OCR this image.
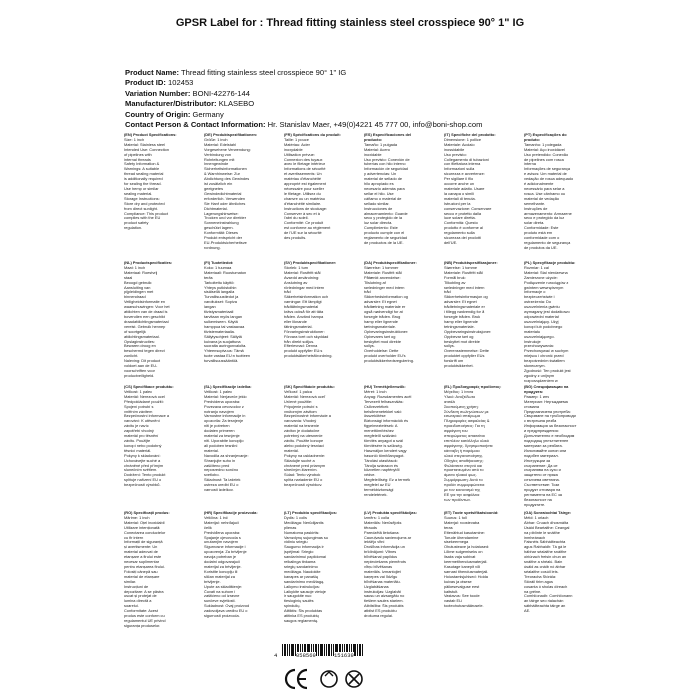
GPSR Label for : Thread fitting stainless steel crosspiece 90° 1" IG
Product Name: Thread fitting stainless steel crosspiece 90° 1" IG
Product ID: 102453
Variation Number: BONI-42276-144
Manufacturer/Distributor: KLASEBO
Country of Origin: Germany
Contact Person & Contact Information: Hr. Stanislav Maer, +49(0)4221 45 777 00, info@boni-shop.com
(EN) Product Specifications:
Size: 1 inch
Material: Stainless steel
Intended Use: Connection
of pipelines with
internal threads
Safety Information &
Warnings: A suitable
thread sealing material
is additionally required
for sealing the thread.
Use hemp or similar
sealing material.
Storage Instructions:
Store dry and protected
from direct sunlight.
Compliance: This product
complies with the EU
product safety
regulation.
(DE) Produktspezifikationen:
Größe: 1 inch
Material: Edelstahl
Vorgesehene Verwendung:
Verbindung von
Rohrleitungen mit
Innengewinde
Sicherheitsinformationen
& Warnhinweise: Zur
Abdichtung des Gewindes
ist zusätzlich ein
geeignetes
Gewindedichtmaterial
erforderlich. Verwenden
Sie Hanf oder ähnliches
Dichtmaterial.
Lagerungshinweise:
Trocken und vor direkter
Sonneneinstrahlung
geschützt lagern.
Konformität: Dieses
Produkt entspricht der
EU-Produktsicherheitsve
rordnung.
(FR) Spécifications du produit:
Taille: 1 pouce
Matériau: Acier
inoxydable
Utilisation prévue:
Connexion des tuyaux
avec le filetage intérieur
Informations de sécurité
et avertissements: Un
matériau d'étanchéité
approprié est également
nécessaire pour sceller
le filetage. Utilisez du
chanvre ou un matériau
d'étanchéité similaire.
Instructions de stockage:
Conserver à sec et à
l'abri du soleil.
Conformité: Ce produit
est conforme au règlement
de l'UE sur la sécurité
des produits.
(ES) Especificaciones del producto:
Tamaño: 1 pulgada
Material: Acero
inoxidable
Uso previsto: Conexión de
tuberías con hilo interno
Información de seguridad
y advertencias: Un
material de sellado de
hilo apropiado es
necesario además para
sellar el hilo. Use
cáñamo o material de
sellado similar.
Instrucciones de
almacenamiento: Guarde
seco y protegido de la
luz solar directa.
Cumplimiento: Este
producto cumple con el
reglamento de seguridad
de productos de la UE.
(IT) Specifiche del prodotto:
Dimensione: 1 pollice
Materiale: Acciaio
inossidabile
Uso previsto:
Collegamento di tubazioni
con filettatura interna
Informazioni sulla
sicurezza e avvertenze:
Per sigillare il filo
occorre anche un
materiale adatto. Usare
la canapa o simili
materiali di tenuta.
Istruzioni per la
conservazione: Conservare
secco e protetto dalla
luce solare diretta.
Conformità: Questo
prodotto è conforme al
regolamento sulla
sicurezza dei prodotti
dell'UE.
(PT) Especificações do produto:
Tamanho: 1 polegada
Material: Aço inoxidável
Uso pretendido: Conexão
de pipelines com rosca
interna
Informações de segurança
e avisos: Um material de
vedação de rosca adequado
é adicionalmente
necessário para selar a
rosca. Use cânhamo ou
material de vedação
semelhante.
Instruções de
armazenamento: Armazene
seco e protegido da luz
solar direta.
Conformidade: Este
produto está em
conformidade com o
regulamento de segurança
de produtos da UE.
(NL) Productspecificaties:
Maat: 1 inch
Materiaal: Roestvrij
staal
Beoogd gebruik:
Aansluiting van
pijpleidingen met
binnendraad
Veiligheidsinformatie en
waarschuwingen: Voor het
afdichten van de draad is
bovendien een geschikt
draadafdichtingsmateriaal
vereist. Gebruik hennep
of soortgelijk
afdichtingsmateriaal.
Opslaginstructies:
Bewaren droog en
beschermd tegen direct
zonlicht.
Naleving: Dit product
voldoet aan de EU-
voorschriften voor
productveiligheid.
(FI) Tuotetiedot:
Koko: 1 tuumaa
Materiaali: Ruostumaton
teräs
Tarkoitettu käyttö:
Yhteys putkistoihin
sisäisellä langalla
Turvallisuustiedot ja
varoitukset: Sopiva
langan
tiivistysmateriaali
tarvitaan myös langan
sulkemiseen. Käytä
hamppua tai vastaavaa
tiivistemateriaalia.
Säilytysohjeet: Säilytä
kuivana ja suojattuna
suoralta auringonvalolta.
Yhteensopivuus: Tämä
tuote vastaa EU:n tuotteen
turvallisuussääntöä.
(SV) Produktspecifikationer:
Storlek: 1 tum
Material: Rostfritt stål
Avsedd användning:
Anslutning av
rörledningar med intern
tråd
Säkerhetsinformation och
varningar: Ett lämpligt
trådtätningsmaterial
krävs också för att täta
tråden. Använd hampa
eller liknande
tätningsmaterial.
Förvaringsinstruktioner:
Förvara torrt och skyddad
från direkt solljus.
Efterlevnad: Denna
produkt uppfyller EU:s
produktsäkerhetsförordning.
(DA) Produktspecifikationer:
Størrelse: 1 tommer
Materiale: Rustfrit stål
Påtænkt anvendelse:
Tilslutning af
rørledninger med intern
tråd
Sikkerhedsinformation og
advarsler: Et egnet
trådtætning materiale er
også nødvendigt for at
forsegle tråden. Brug
hamp eller lignende
tætningsmateriale.
Opbevaringsinstruktioner:
Opbevares tørt og
beskyttet mod direkte
sollys.
Overholdelse: Dette
produkt overholder EU's
produktsikkerhedsregulering.
(NB) Produktspesifikasjoner:
Størrelse: 1 tomme
Materiale: Rustfritt stål
Formål bruk:
Tilkobling av
rørledninger med intern
tråd
Sikkerhetsinformasjon og
advarsler: Et egnet
trådtetningsmateriale er
i tillegg nødvendig for å
forsegle tråden. Bruk
hamp eller lignende
tetningsmateriale.
Oppbevaringsinstruksjoner:
Oppbevar tørt og
beskyttet mot direkte
sollys.
Overensstemmelse: Dette
produktet oppfyller EUs
forskrift om
produktsikkerhet.
(PL) Specyfikacje produktu:
Rozmiar: 1 cal
Materiał: Stal nierdzewna
Zamierzone użycie:
Podłączenie rurociągów z
gwintem wewnętrznym
Informacje o
bezpieczeństwie i
ostrzeżenia: Do
uszczelnienia gwintu
wymagany jest dodatkowo
odpowiedni materiał
uszczelniający. Użyj
konopi lub podobnego
materiału
uszczelniającego.
Instrukcje
przechowywania:
Przechowywać w suchym
miejscu i chronić przed
bezpośrednim światłem
słonecznym.
Zgodność: Ten produkt jest
zgodny z unijnym
rozporządzeniem w
(CS) Specifikace produktu:
Velikost: 1 palec
Materiál: Nerezová ocel
Předpokládané použití:
Spojení potrubí s
vnitřním závitem
Bezpečnostní informace a
varování: K utěsnění
závitu je navíc
zapotřebí vhodný
materiál pro těsnění
závitu. Použijte
konopí nebo podobný
těsnicí materiál.
Pokyny k skladování:
Uchovávejte suché a
chráněné před přímým
slunečním světlem.
Dodržení: Tento produkt
splňuje nařízení EU o
bezpečnosti výrobků.
(SL) Specifikacije izdelka:
Velikost: 1 palec
Material: Nerjaveče jeklo
Predvidena uporaba:
Povezava cevovodov z
notranjo navojem
Varnostne informacije in
opozorila: Za tesnjenje
niti je potreben
dodaten primeren
material za tesnjenje
niti. Uporabite konopljo
ali podoben tesnilni
material.
Navodila za shranjevanje:
Shranjujte suho in
zaščiteno pred
neposredno sončno
svetlobo.
Skladnost: Ta izdelek
ustreza uredbi EU o
varnosti izdelkov.
(SK) Špecifikácie produktu:
Veľkosť: 1 palca
Materiál: Nerezová oceľ
Určené použitie:
Pripojenie potrubí s
vnútorným závitom
Bezpečnostné informácie a
varovania: Vhodný
materiál na tesnenie
závitov je dodatočne
potrebný na utesnenie
závitu. Použite konope
alebo podobný tesniaci
materiál.
Pokyny na uskladnenie:
Skladujte suché a
chránené pred priamym
slnečným žiarením.
Súlad: Tento výrobok
spĺňa nariadenie EÚ o
bezpečnosti výrobkov.
(HU) Termékjellemzők:
Méret: 1 inch
Anyag: Rozsdamentes acél
Tervezett felhasználás:
Csővezetékek
belsőmenetekkel való
összekötése
Biztonsági információk és
figyelmeztetések: A
menettömítéshez
megfelelő szálzáró
tömítés anyagot a szál
tömítésére is szükség.
Használjon kendert vagy
hasonló tömítőanyagot.
Tárolási utasítások:
Tárolja szárazon és
közvetlen napfénytől
védve.
Megfelelőség: Ez a termék
megfelel az EU
termékbiztonsági
rendeletének.
(EL) Προδιαγραφές προϊόντος:
Μέγεθος: 1 ίντσα
Υλικό: Ανοξείδωτο
ατσάλι
Σκοπούμενη χρήση:
Σύνδεση σωληνώσεων με
εσωτερικό σπείρωμα
Πληροφορίες ασφαλείας &
προειδοποιήσεις: Για τη
σφράγιση του
σπειρώματος απαιτείται
επιπλέον κατάλληλο υλικό
σφράγισης. Χρησιμοποιήστε
κάνναβη ή παρόμοιο
υλικό στεγανοποίησης.
Οδηγίες αποθήκευσης:
Φυλάσσετε στεγνό και
προστατευμένο από το
άμεσο ηλιακό φως.
Συμμόρφωση: Αυτό το
προϊόν συμμορφώνεται
με τον κανονισμό της
ΕΕ για την ασφάλεια
των προϊόντων.
(BG) Спецификации на продукта:
Размер: 1 инч
Материал: Неръждаема
стомана
Предназначена употреба:
Свързване на тръбопроводи
с вътрешна резба
Информация за безопасност
и предупреждения:
Допълнително е необходим
подходящ уплътнителен
материал за резбата.
Използвайте коноп или
подобен материал.
Инструкции за
съхранение: Да се
съхранява на сухо и
защитено от пряка
слънчева светлина.
Съответствие: Този
продукт отговаря на
регламента на ЕС за
безопасност на
продуктите.
(RO) Specificații produs:
Mărime: 1 inch
Material: Oțel inoxidabil
Utilizare intenționată:
Conectarea conductelor
cu fir intern
Informații de siguranță
și avertismente: Un
material adecvat de
etanșare a firului este
necesar suplimentar
pentru etanșarea firului.
Folosiți cânepă sau
material de etanșare
similar.
Instrucțiuni de
depozitare: A se păstra
uscat și protejat de
lumina directă a
soarelui.
Conformitate: Acest
produs este conform cu
regulamentul UE privind
siguranța produselor.
(HR) Specifikacije proizvoda:
Veličina: 1 inč
Materijal: nehrđajući
čelik
Predviđena uporaba:
Spajanje cjevovoda s
unutarnjim navojem
Sigurnosne informacije i
upozorenja: Za brtvljenje
navoja potreban je
dodatni odgovarajući
materijal za brtvljenje.
Koristite konoplju ili
sličan materijal za
brtvljenje.
Upute za skladištenje:
Čuvati na suhom i
zaštićeno od izravne
sunčeve svjetlosti.
Sukladnost: Ovaj proizvod
zadovoljava uredbu EU o
sigurnosti proizvoda.
(LT) Produkto specifikacijos:
Dydis: 1 colis
Medžiaga: Nerūdijantis
plienas
Numatoma paskirtis:
Vamzdynų sujungimas su
vidiniu sriegiu
Saugumo informacija ir
įspėjimai: Sriegio
sandarinimui papildomai
reikalinga tinkama
sriegių sandarinimo
medžiaga. Naudokite
kanapes ar panašią
sandarinimo medžiagą.
Laikymo instrukcijos:
Laikykite sausoje vietoje
ir saugokite nuo
tiesioginių saulės
spindulių.
Atitiktis: Šis produktas
atitinka ES produktų
saugos reglamentą.
(LV) Produkta specifikācijas:
Izmērs: 1 colla
Materiāls: Nerūsējošs
tērauds
Paredzētā lietošana:
Cauruļvadu savienojums ar
iekšējo vītni
Drošības informācija un
brīdinājumi: Vītnes
blīvēšanai papildus
nepieciešams piemērots
vītņu blīvēšanas
materiāls. Izmantojiet
kaņepes vai līdzīgu
blīvēšanas materiālu.
Uzglabāšanas
instrukcijas: Uzglabāt
sausu un aizsargātu no
tiešiem saules stariem.
Atbilstība: Šis produkts
atbilst ES produktu
drošuma regulai.
(ET) Toote spetsifikatsioonid:
Suurus: 1 toll
Materjal: roostevaba
teras
Ettenähtud kasutamine:
Torude ühendamine
sisekeermega
Ohutusteave ja hoiatused:
Lõime sulgemiseks on
lisaks vaja sobivat
keermetihendusmaterjali.
Kasutage kanepit või
sarnast tihendusmaterjali.
Hoiustamisjuhised: Hoida
kuivas ja otsese
päikesevalguse eest
kaitstult.
Vastavus: See toode
vastab ELi
tooteohutusmäärusele.
(GA) Sonraíochtaí Táirge:
Méid: 1 orlach
Ábhar: Cruach dhosmálta
Úsáid Beartaithe: Ceangal
na píblínte le snáithe
inmheánach
Faisnéis Sábháilteachta
agus Rabhaidh: Tá gá le
hábhar séalaithe snáithe
oiriúnach freisin chun an
snáithe a shéalú. Bain
úsáid as cnáib nó ábhar
séalaithe cosúil leis.
Treoracha Stórála:
Stóráil tirim agus
cosanta ó sholas díreach
na gréine.
Comhlíonadh: Comhlíonann
an táirge seo rialachán
sábháilteachta táirge an
AE.
4	058569	151639
